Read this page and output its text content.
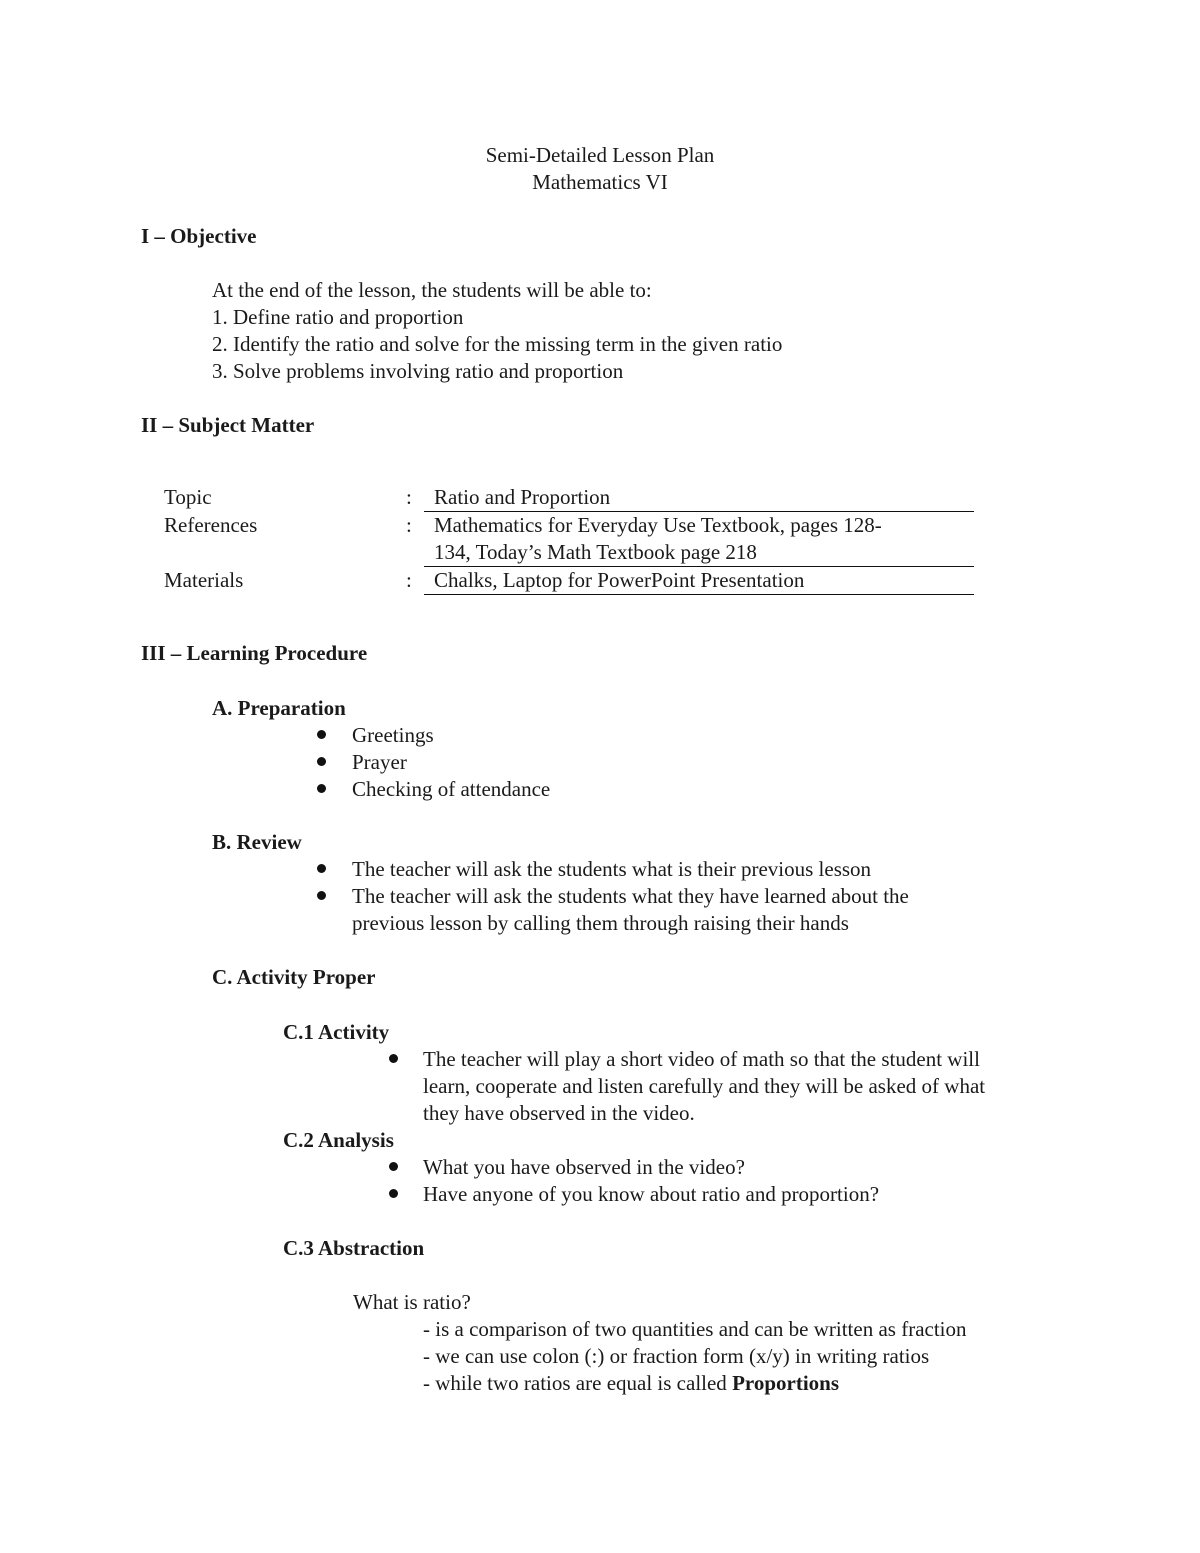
Semi-Detailed Lesson Plan
Mathematics VI
I – Objective
At the end of the lesson, the students will be able to:
1. Define ratio and proportion
2. Identify the ratio and solve for the missing term in the given ratio
3. Solve problems involving ratio and proportion
II – Subject Matter
Topic	: Ratio and Proportion
References	: Mathematics for Everyday Use Textbook, pages 128-
134, Today’s Math Textbook page 218
Materials	: Chalks, Laptop for PowerPoint Presentation
III – Learning Procedure
A. Preparation
Greetings
Prayer
Checking of attendance
B. Review
The teacher will ask the students what is their previous lesson
The teacher will ask the students what they have learned about the
previous lesson by calling them through raising their hands
C. Activity Proper
C.1 Activity
The teacher will play a short video of math so that the student will
learn, cooperate and listen carefully and they will be asked of what
they have observed in the video.
C.2 Analysis
What you have observed in the video?
Have anyone of you know about ratio and proportion?
C.3 Abstraction
What is ratio?
- is a comparison of two quantities and can be written as fraction
- we can use colon (:) or fraction form (x/y) in writing ratios
- while two ratios are equal is called Proportions
